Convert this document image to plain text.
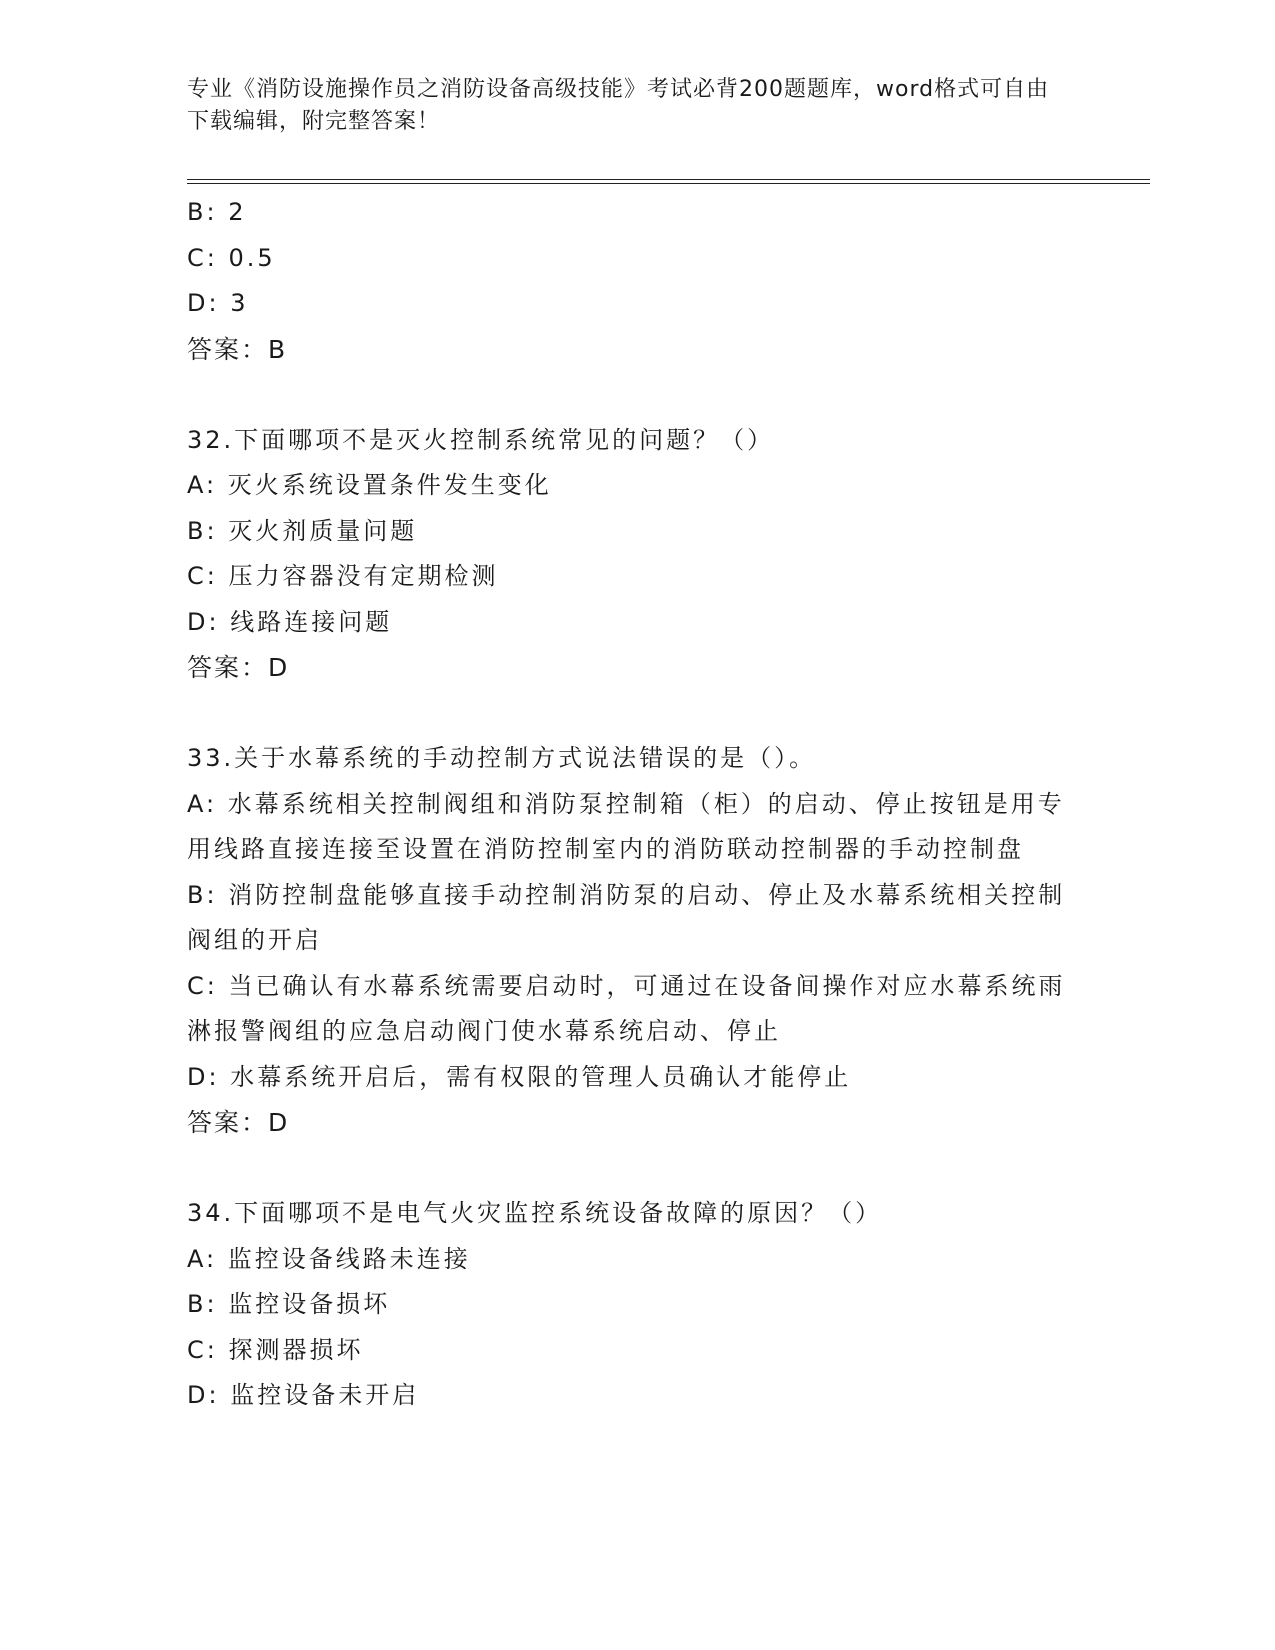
专业《消防设施操作员之消防设备高级技能》考试必背200题题库，word格式可自由下载编辑，附完整答案！
B: 2
C: 0.5
D: 3
答案：B
32.下面哪项不是灭火控制系统常见的问题？（）
A: 灭火系统设置条件发生变化
B: 灭火剂质量问题
C: 压力容器没有定期检测
D: 线路连接问题
答案：D
33.关于水幕系统的手动控制方式说法错误的是（）。
A: 水幕系统相关控制阀组和消防泵控制箱（柜）的启动、停止按钮是用专用线路直接连接至设置在消防控制室内的消防联动控制器的手动控制盘
B: 消防控制盘能够直接手动控制消防泵的启动、停止及水幕系统相关控制阀组的开启
C: 当已确认有水幕系统需要启动时，可通过在设备间操作对应水幕系统雨淋报警阀组的应急启动阀门使水幕系统启动、停止
D: 水幕系统开启后，需有权限的管理人员确认才能停止
答案：D
34.下面哪项不是电气火灾监控系统设备故障的原因？（）
A: 监控设备线路未连接
B: 监控设备损坏
C: 探测器损坏
D: 监控设备未开启
